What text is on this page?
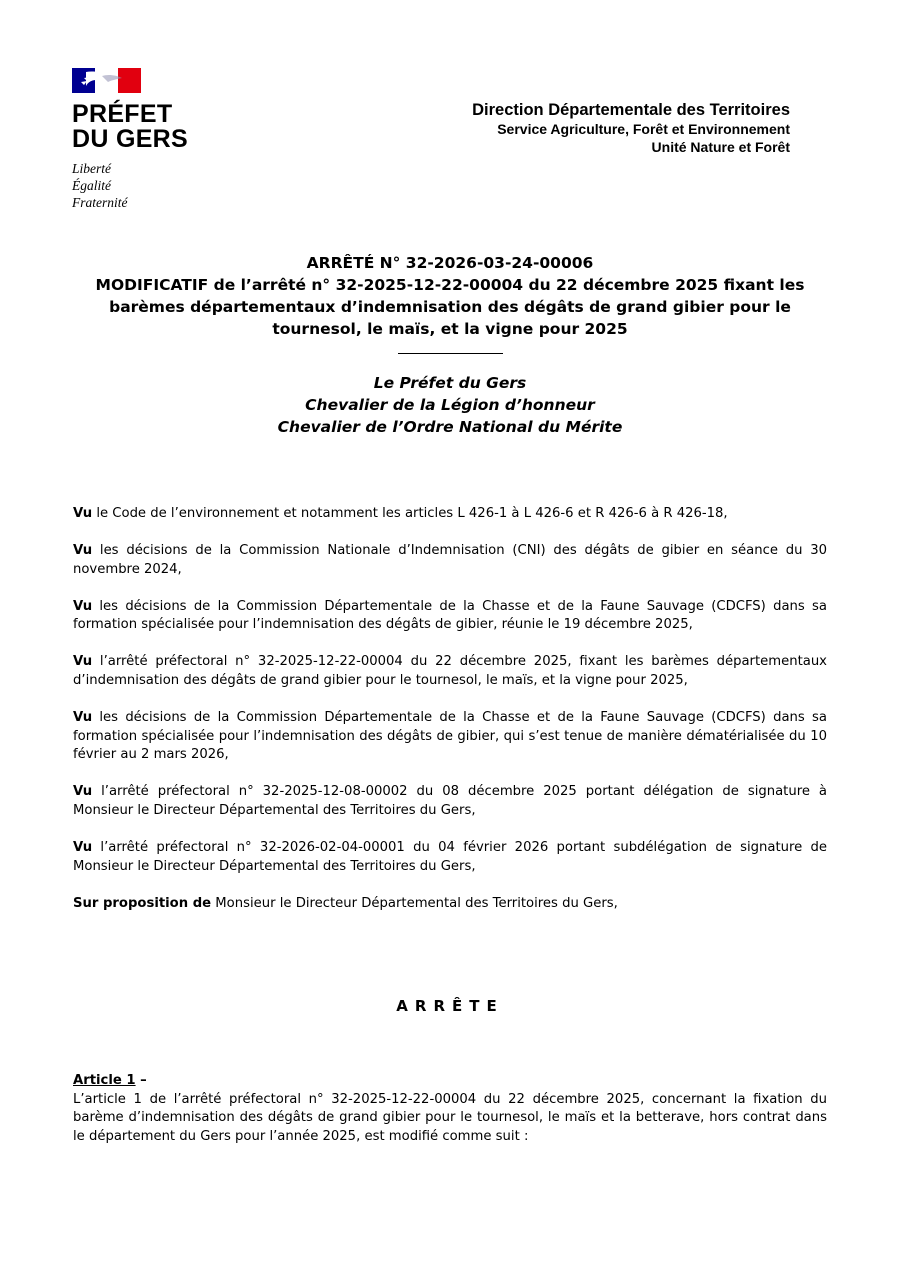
PRÉFET
DU GERS
Liberté
Égalité
Fraternité
Direction Départementale des Territoires
Service Agriculture, Forêt et Environnement
Unité Nature et Forêt
ARRÊTÉ N° 32-2026-03-24-00006
MODIFICATIF de l’arrêté n° 32-2025-12-22-00004 du 22 décembre 2025 fixant les
barèmes départementaux d’indemnisation des dégâts de grand gibier pour le
tournesol, le maïs, et la vigne pour 2025
Le Préfet du Gers
Chevalier de la Légion d’honneur
Chevalier de l’Ordre National du Mérite

Vu le Code de l’environnement et notamment les articles L 426-1 à L 426-6 et R 426-6 à R 426-18,

Vu les décisions de la Commission Nationale d’Indemnisation (CNI) des dégâts de gibier en séance du 30 novembre 2024,

Vu les décisions de la Commission Départementale de la Chasse et de la Faune Sauvage (CDCFS) dans sa formation spécialisée pour l’indemnisation des dégâts de gibier, réunie le 19 décembre 2025,

Vu l’arrêté préfectoral n° 32-2025-12-22-00004 du 22 décembre 2025, fixant les barèmes départementaux d’indemnisation des dégâts de grand gibier pour le tournesol, le maïs, et la vigne pour 2025,

Vu les décisions de la Commission Départementale de la Chasse et de la Faune Sauvage (CDCFS) dans sa formation spécialisée pour l’indemnisation des dégâts de gibier, qui s’est tenue de manière dématérialisée du 10 février au 2 mars 2026,

Vu l’arrêté préfectoral n° 32-2025-12-08-00002 du 08 décembre 2025 portant délégation de signature à Monsieur le Directeur Départemental des Territoires du Gers,

Vu l’arrêté préfectoral n° 32-2026-02-04-00001 du 04 février 2026 portant subdélégation de signature de Monsieur le Directeur Départemental des Territoires du Gers,

Sur proposition de Monsieur le Directeur Départemental des Territoires du Gers,

ARRÊTE
Article 1 –
L’article 1 de l’arrêté préfectoral n° 32-2025-12-22-00004 du 22 décembre 2025, concernant la fixation du barème d’indemnisation des dégâts de grand gibier pour le tournesol, le maïs et la betterave, hors contrat dans le département du Gers pour l’année 2025, est modifié comme suit :
